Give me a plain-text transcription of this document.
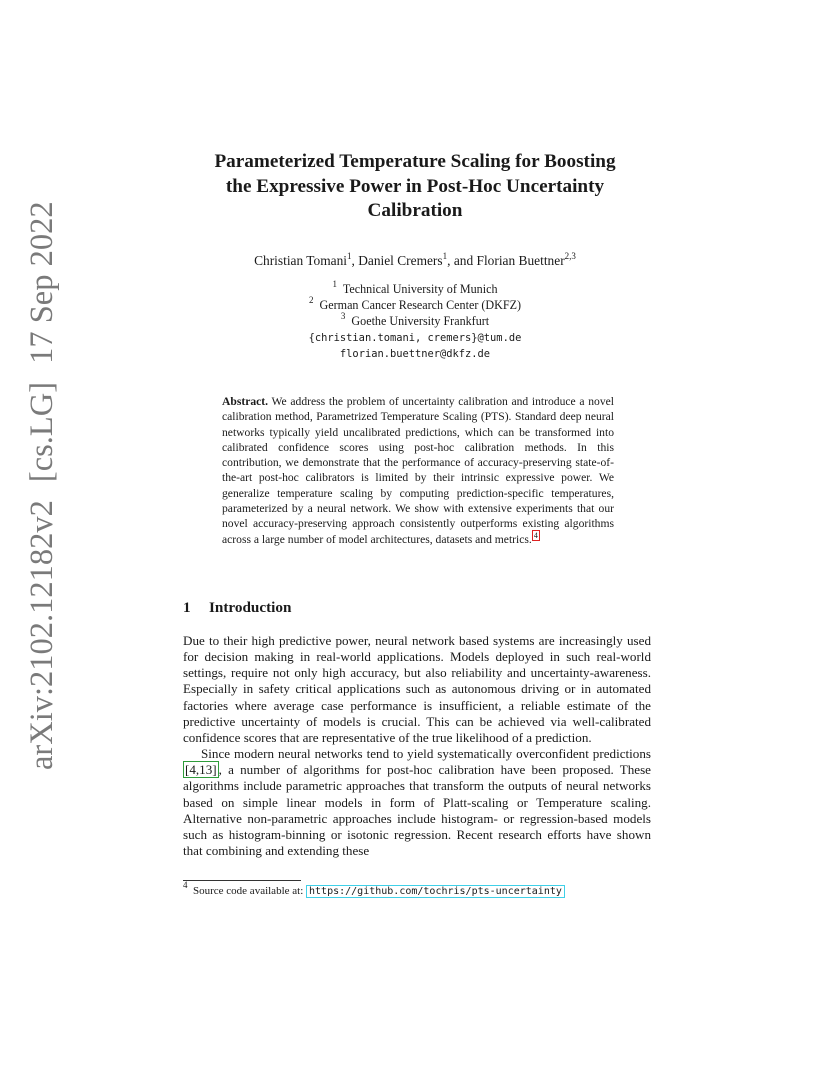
arXiv:2102.12182v2[cs.LG]17 Sep 2022
Parameterized Temperature Scaling for Boosting
the Expressive Power in Post-Hoc Uncertainty
Calibration
Christian Tomani$^1$, Daniel Cremers$^1$, and Florian Buettner$^{2,3}$
$^1$ Technical University of Munich
$^2$ German Cancer Research Center (DKFZ)
$^3$ Goethe University Frankfurt
{christian.tomani, cremers}@tum.de
florian.buettner@dkfz.de
Abstract. We address the problem of uncertainty calibration and introduce a novel calibration method, Parametrized Temperature Scaling (PTS). Standard deep neural networks typically yield uncalibrated predictions, which can be transformed into calibrated confidence scores using post-hoc calibration methods. In this contribution, we demonstrate that the performance of accuracy-preserving state-of-the-art post-hoc calibrators is limited by their intrinsic expressive power. We generalize temperature scaling by computing prediction-specific temperatures, parameterized by a neural network. We show with extensive experiments that our novel accuracy-preserving approach consistently outperforms existing algorithms across a large number of model architectures, datasets and metrics. $^4$
1 Introduction

Due to their high predictive power, neural network based systems are increasingly used for decision making in real-world applications. Models deployed in such real-world settings, require not only high accuracy, but also reliability and uncertainty-awareness. Especially in safety critical applications such as autonomous driving or in automated factories where average case performance is insufficient, a reliable estimate of the predictive uncertainty of models is crucial. This can be achieved via well-calibrated confidence scores that are representative of the true likelihood of a prediction.

Since modern neural networks tend to yield systematically overconfident predictions [4,13] , a number of algorithms for post-hoc calibration have been proposed. These algorithms include parametric approaches that transform the outputs of neural networks based on simple linear models in form of Platt-scaling or Temperature scaling. Alternative non-parametric approaches include histogram- or regression-based models such as histogram-binning or isotonic regression. Recent research efforts have shown that combining and extending these

$^4$ Source code available at: https://github.com/tochris/pts-uncertainty
